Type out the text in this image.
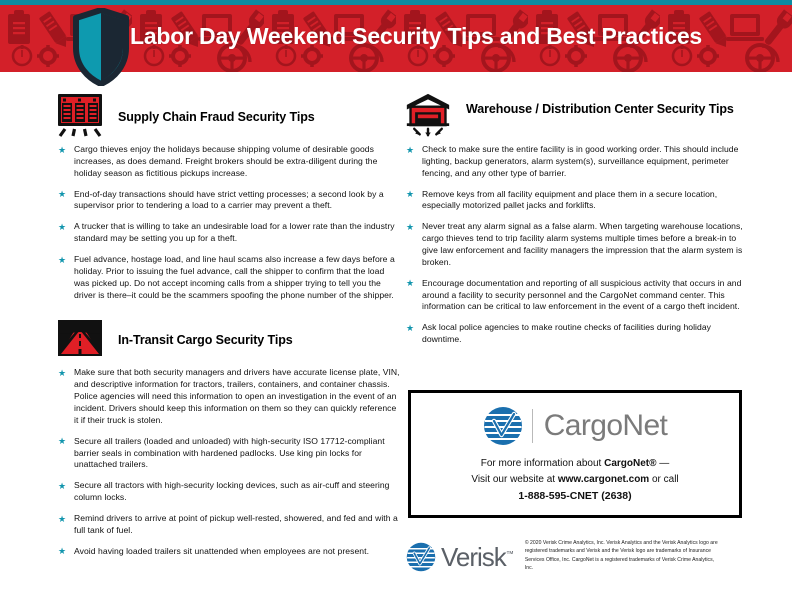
Labor Day Weekend Security Tips and Best Practices
Supply Chain Fraud Security Tips
★ Cargo thieves enjoy the holidays because shipping volume of desirable goods increases, as does demand. Freight brokers should be extra-diligent during the holiday season as fictitious pickups increase.
★ End-of-day transactions should have strict vetting processes; a second look by a supervisor prior to tendering a load to a carrier may prevent a theft.
★ A trucker that is willing to take an undesirable load for a lower rate than the industry standard may be setting you up for a theft.
★ Fuel advance, hostage load, and line haul scams also increase a few days before a holiday. Prior to issuing the fuel advance, call the shipper to confirm that the load was picked up. Do not accept incoming calls from a shipper trying to tell you the driver is there–it could be the scammers spoofing the phone number of the shipper.
In-Transit Cargo Security Tips
★ Make sure that both security managers and drivers have accurate license plate, VIN, and descriptive information for tractors, trailers, containers, and container chassis. Police agencies will need this information to open an investigation in the event of an incident. Drivers should keep this information on them so they can quickly reference it if their truck is stolen.
★ Secure all trailers (loaded and unloaded) with high-security ISO 17712-compliant barrier seals in combination with hardened padlocks. Use king pin locks for unattached trailers.
★ Secure all tractors with high-security locking devices, such as air-cuff and steering column locks.
★ Remind drivers to arrive at point of pickup well-rested, showered, and fed and with a full tank of fuel.
★ Avoid having loaded trailers sit unattended when employees are not present.
Warehouse / Distribution Center Security Tips
★ Check to make sure the entire facility is in good working order. This should include lighting, backup generators, alarm system(s), surveillance equipment, perimeter fencing, and any other type of barrier.
★ Remove keys from all facility equipment and place them in a secure location, especially motorized pallet jacks and forklifts.
★ Never treat any alarm signal as a false alarm. When targeting warehouse locations, cargo thieves tend to trip facility alarm systems multiple times before a break-in to give law enforcement and facility managers the impression that the alarm system is broken.
★ Encourage documentation and reporting of all suspicious activity that occurs in and around a facility to security personnel and the CargoNet command center. This information can be critical to law enforcement in the event of a cargo theft incident.
★ Ask local police agencies to make routine checks of facilities during holiday downtime.
CargoNet
For more information about CargoNet® —
Visit our website at www.cargonet.com or call
1-888-595-CNET (2638)
Verisk™
© 2020 Verisk Crime Analytics, Inc. Verisk Analytics and the Verisk Analytics logo are registered trademarks and Verisk and the Verisk logo are trademarks of Insurance Services Office, Inc. CargoNet is a registered trademarks of Verisk Crime Analytics, Inc.
